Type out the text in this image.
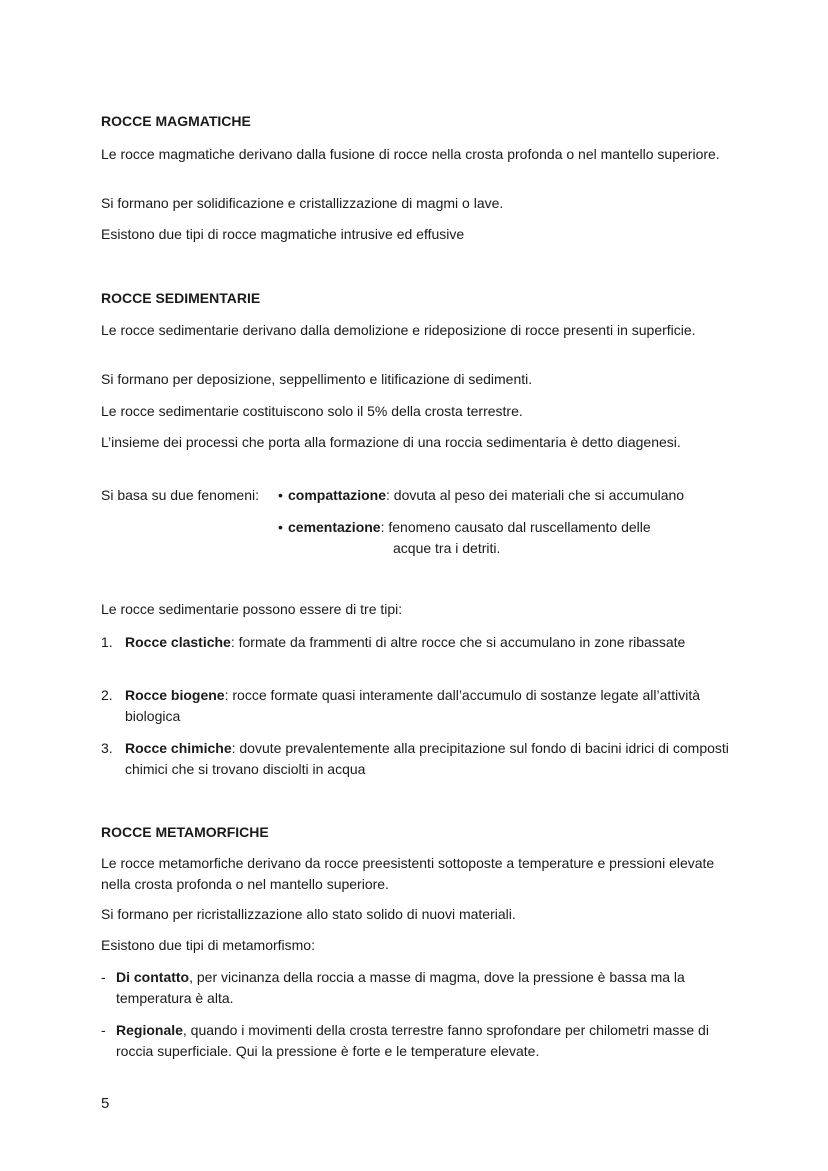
ROCCE MAGMATICHE

Le rocce magmatiche derivano dalla fusione di rocce nella crosta profonda o nel mantello superiore.

Si formano per solidificazione e cristallizzazione di magmi o lave.

Esistono due tipi di rocce magmatiche intrusive ed effusive

ROCCE SEDIMENTARIE

Le rocce sedimentarie derivano dalla demolizione e rideposizione di rocce presenti in superficie.

Si formano per deposizione, seppellimento e litificazione di sedimenti.

Le rocce sedimentarie costituiscono solo il 5% della crosta terrestre.

L’insieme dei processi che porta alla formazione di una roccia sedimentaria è detto diagenesi.

Si basa su due fenomeni: • compattazione: dovuta al peso dei materiali che si accumulano
• cementazione: fenomeno causato dal ruscellamento delle
acque tra i detriti.

Le rocce sedimentarie possono essere di tre tipi:

1. Rocce clastiche: formate da frammenti di altre rocce che si accumulano in zone ribassate

2. Rocce biogene: rocce formate quasi interamente dall’accumulo di sostanze legate all’attività biologica

3. Rocce chimiche: dovute prevalentemente alla precipitazione sul fondo di bacini idrici di composti chimici che si trovano disciolti in acqua

ROCCE METAMORFICHE

Le rocce metamorfiche derivano da rocce preesistenti sottoposte a temperature e pressioni elevate nella crosta profonda o nel mantello superiore.

Si formano per ricristallizzazione allo stato solido di nuovi materiali.

Esistono due tipi di metamorfismo:

- Di contatto, per vicinanza della roccia a masse di magma, dove la pressione è bassa ma la temperatura è alta.

- Regionale, quando i movimenti della crosta terrestre fanno sprofondare per chilometri masse di roccia superficiale. Qui la pressione è forte e le temperature elevate.

5
